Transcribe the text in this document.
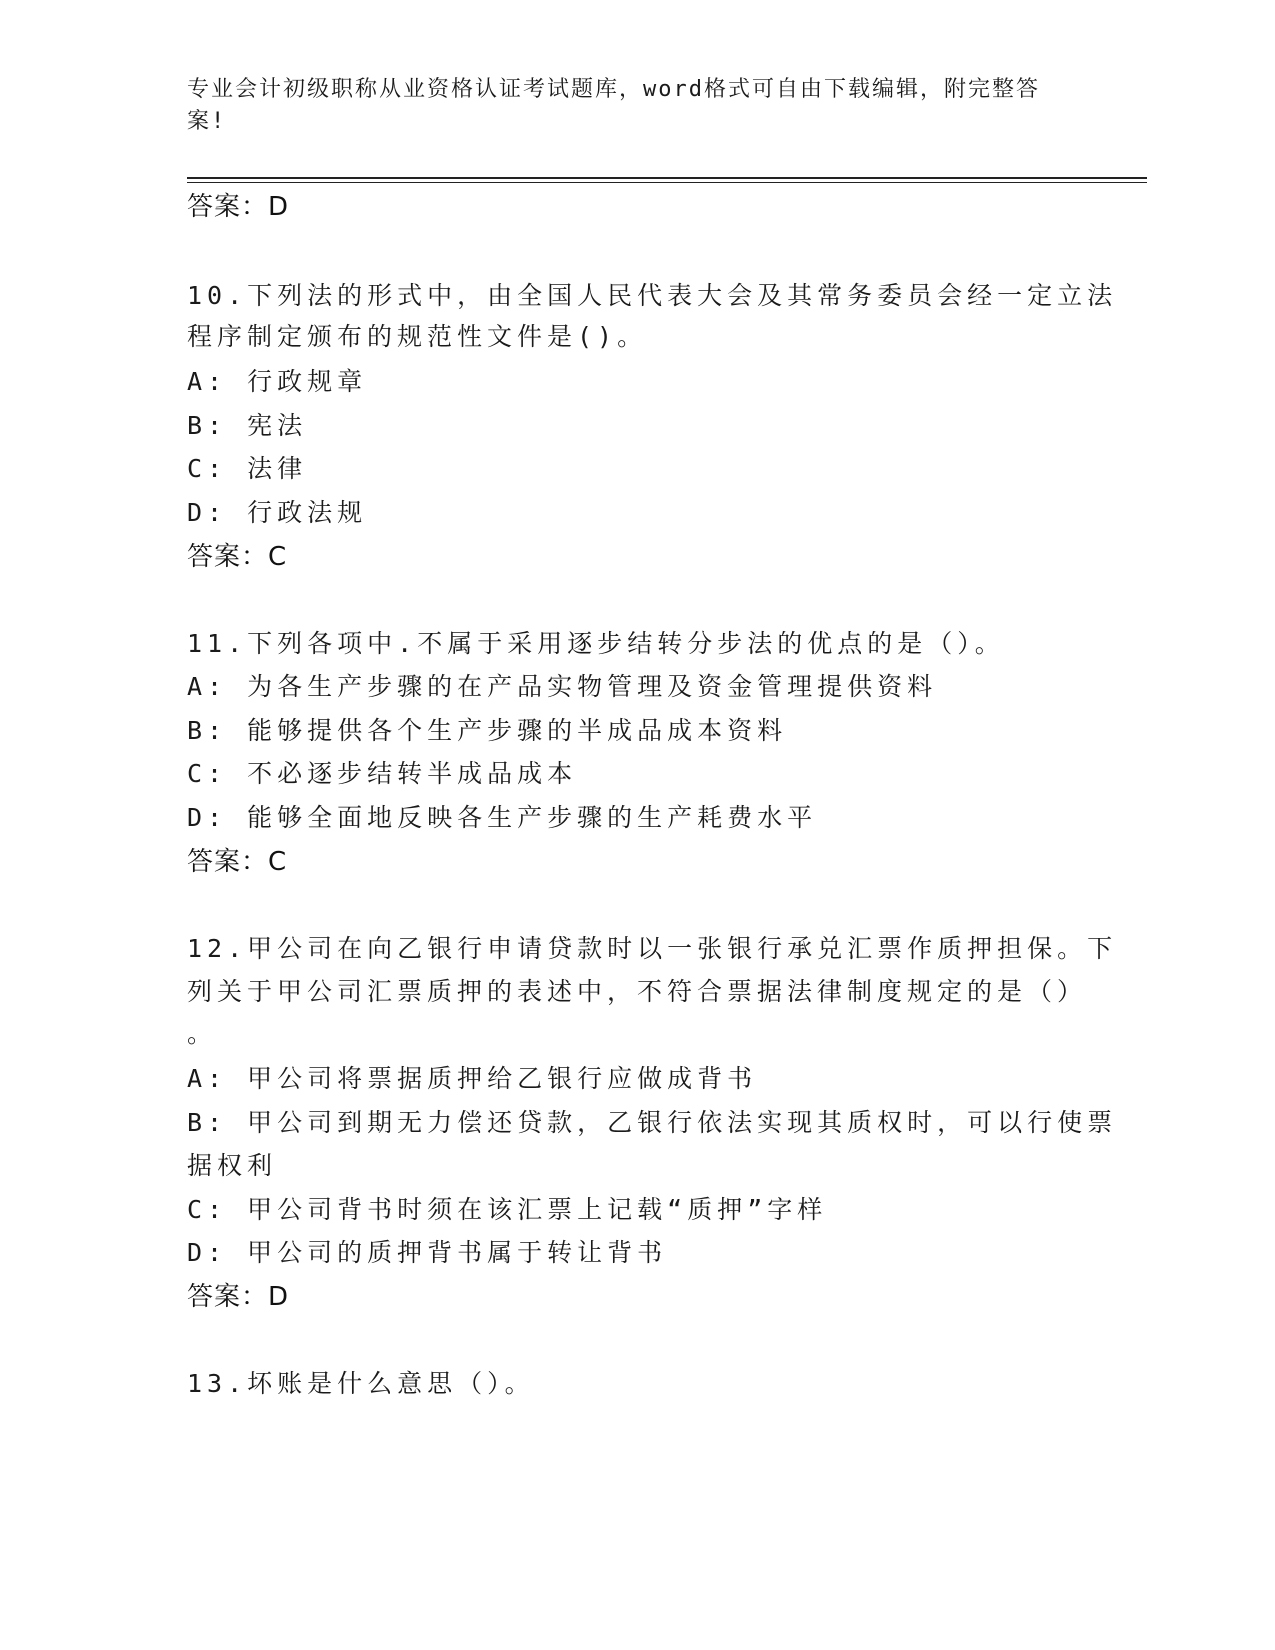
专业会计初级职称从业资格认证考试题库，word格式可自由下载编辑，附完整答
案!
答案：D
10.下列法的形式中，由全国人民代表大会及其常务委员会经一定立法
程序制定颁布的规范性文件是()。
A: 行政规章
B: 宪法
C: 法律
D: 行政法规
答案：C
11.下列各项中.不属于采用逐步结转分步法的优点的是（）。
A: 为各生产步骤的在产品实物管理及资金管理提供资料
B: 能够提供各个生产步骤的半成品成本资料
C: 不必逐步结转半成品成本
D: 能够全面地反映各生产步骤的生产耗费水平
答案：C
12.甲公司在向乙银行申请贷款时以一张银行承兑汇票作质押担保。下
列关于甲公司汇票质押的表述中，不符合票据法律制度规定的是（）
。
A: 甲公司将票据质押给乙银行应做成背书
B: 甲公司到期无力偿还贷款，乙银行依法实现其质权时，可以行使票
据权利
C: 甲公司背书时须在该汇票上记载“质押”字样
D: 甲公司的质押背书属于转让背书
答案：D
13.坏账是什么意思（）。
